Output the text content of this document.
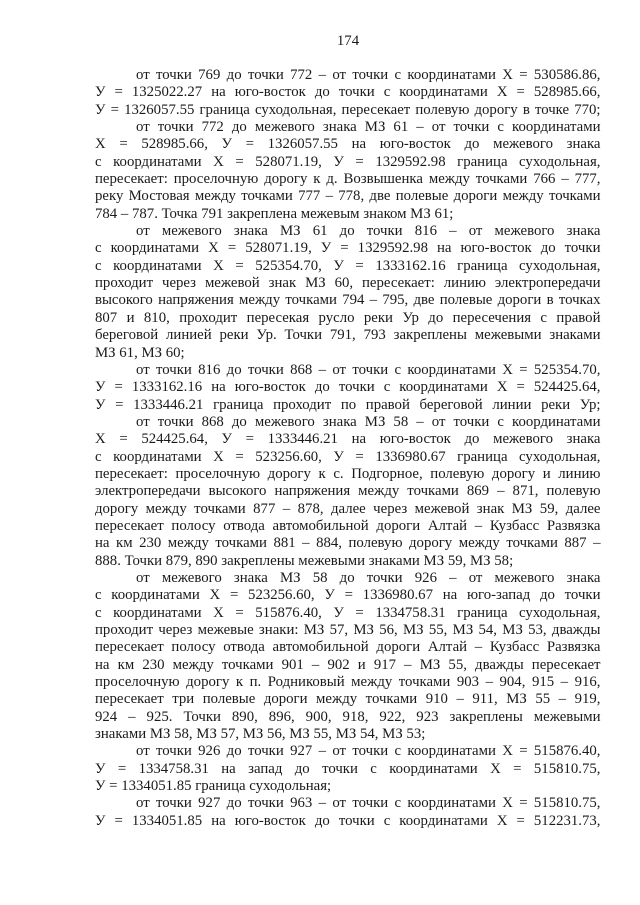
174
от точки 769 до точки 772 – от точки с координатами X = 530586.86,
У = 1325022.27 на юго-восток до точки с координатами X = 528985.66,
У = 1326057.55 граница суходольная, пересекает полевую дорогу в точке 770;
от точки 772 до межевого знака МЗ 61 – от точки с координатами
X = 528985.66, У = 1326057.55 на юго-восток до межевого знака
с координатами X = 528071.19, У = 1329592.98 граница суходольная,
пересекает: проселочную дорогу к д. Возвышенка между точками 766 – 777,
реку Мостовая между точками 777 – 778, две полевые дороги между точками
784 – 787. Точка 791 закреплена межевым знаком МЗ 61;
от межевого знака МЗ 61 до точки 816 – от межевого знака
с координатами X = 528071.19, У = 1329592.98 на юго-восток до точки
с координатами X = 525354.70, У = 1333162.16 граница суходольная,
проходит через межевой знак МЗ 60, пересекает: линию электропередачи
высокого напряжения между точками 794 – 795, две полевые дороги в точках
807 и 810, проходит пересекая русло реки Ур до пересечения с правой
береговой линией реки Ур. Точки 791, 793 закреплены межевыми знаками
МЗ 61, МЗ 60;
от точки 816 до точки 868 – от точки с координатами X = 525354.70,
У = 1333162.16 на юго-восток до точки с координатами X = 524425.64,
У = 1333446.21 граница проходит по правой береговой линии реки Ур;
от точки 868 до межевого знака МЗ 58 – от точки с координатами
X = 524425.64, У = 1333446.21 на юго-восток до межевого знака
с координатами X = 523256.60, У = 1336980.67 граница суходольная,
пересекает: проселочную дорогу к с. Подгорное, полевую дорогу и линию
электропередачи высокого напряжения между точками 869 – 871, полевую
дорогу между точками 877 – 878, далее через межевой знак МЗ 59, далее
пересекает полосу отвода автомобильной дороги Алтай – Кузбасс Развязка
на км 230 между точками 881 – 884, полевую дорогу между точками 887 –
888. Точки 879, 890 закреплены межевыми знаками МЗ 59, МЗ 58;
от межевого знака МЗ 58 до точки 926 – от межевого знака
с координатами X = 523256.60, У = 1336980.67 на юго-запад до точки
с координатами X = 515876.40, У = 1334758.31 граница суходольная,
проходит через межевые знаки: МЗ 57, МЗ 56, МЗ 55, МЗ 54, МЗ 53, дважды
пересекает полосу отвода автомобильной дороги Алтай – Кузбасс Развязка
на км 230 между точками 901 – 902 и 917 – МЗ 55, дважды пересекает
проселочную дорогу к п. Родниковый между точками 903 – 904, 915 – 916,
пересекает три полевые дороги между точками 910 – 911, МЗ 55 – 919,
924 – 925. Точки 890, 896, 900, 918, 922, 923 закреплены межевыми
знаками МЗ 58, МЗ 57, МЗ 56, МЗ 55, МЗ 54, МЗ 53;
от точки 926 до точки 927 – от точки с координатами X = 515876.40,
У = 1334758.31 на запад до точки с координатами X = 515810.75,
У = 1334051.85 граница суходольная;
от точки 927 до точки 963 – от точки с координатами X = 515810.75,
У = 1334051.85 на юго-восток до точки с координатами X = 512231.73,
